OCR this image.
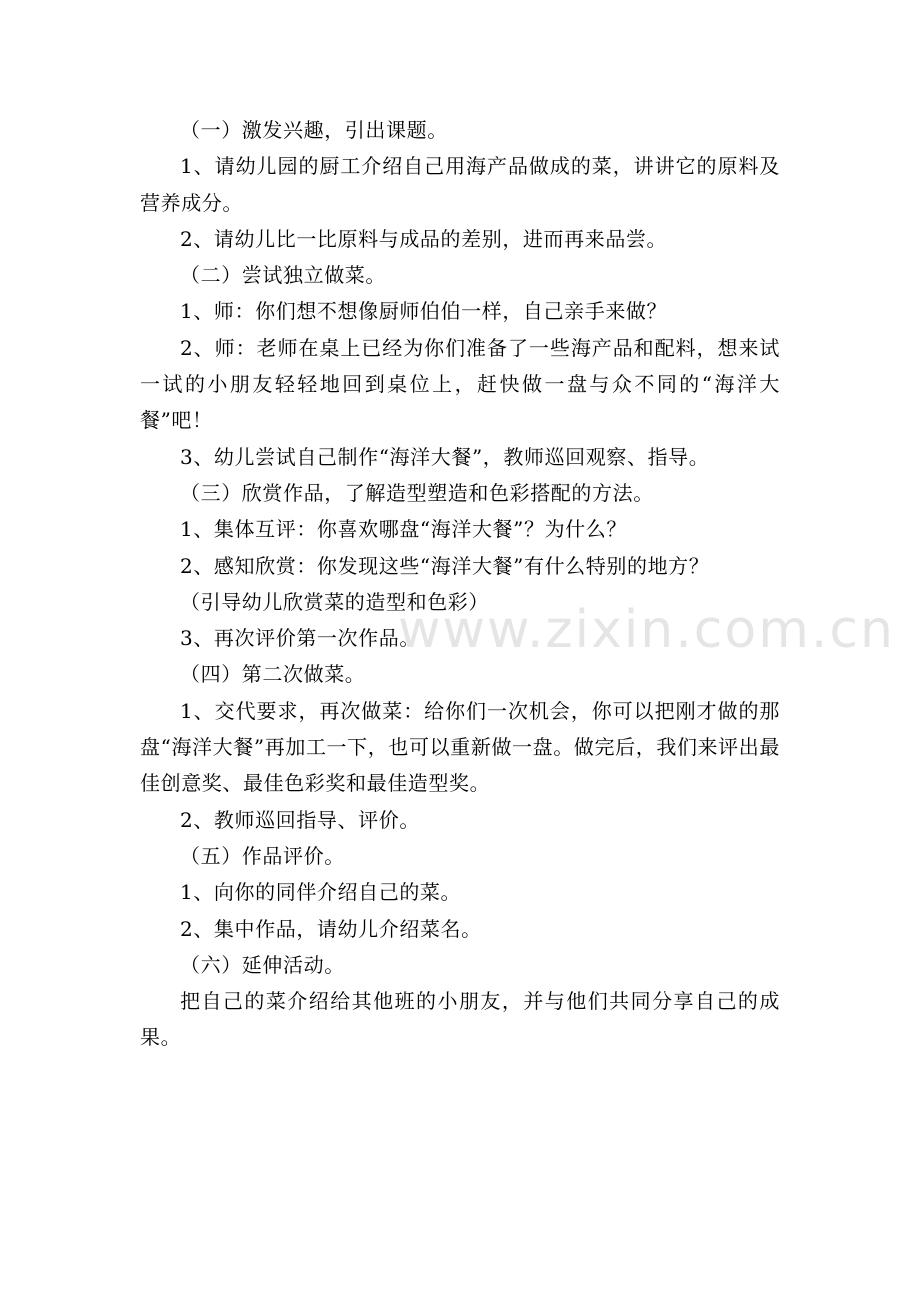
www.zixin.com.cn

（一）激发兴趣，引出课题。

1、请幼儿园的厨工介绍自己用海产品做成的菜，讲讲它的原料及营养成分。

2、请幼儿比一比原料与成品的差别，进而再来品尝。

（二）尝试独立做菜。

1、师：你们想不想像厨师伯伯一样，自己亲手来做？

2、师：老师在桌上已经为你们准备了一些海产品和配料，想来试一试的小朋友轻轻地回到桌位上，赶快做一盘与众不同的“海洋大餐”吧！

3、幼儿尝试自己制作“海洋大餐”，教师巡回观察、指导。

（三）欣赏作品，了解造型塑造和色彩搭配的方法。

1、集体互评：你喜欢哪盘“海洋大餐”？为什么？

2、感知欣赏：你发现这些“海洋大餐”有什么特别的地方？

（引导幼儿欣赏菜的造型和色彩）

3、再次评价第一次作品。

（四）第二次做菜。

1、交代要求，再次做菜：给你们一次机会，你可以把刚才做的那盘“海洋大餐”再加工一下，也可以重新做一盘。做完后，我们来评出最佳创意奖、最佳色彩奖和最佳造型奖。

2、教师巡回指导、评价。

（五）作品评价。

1、向你的同伴介绍自己的菜。

2、集中作品，请幼儿介绍菜名。

（六）延伸活动。

把自己的菜介绍给其他班的小朋友，并与他们共同分享自己的成果。
